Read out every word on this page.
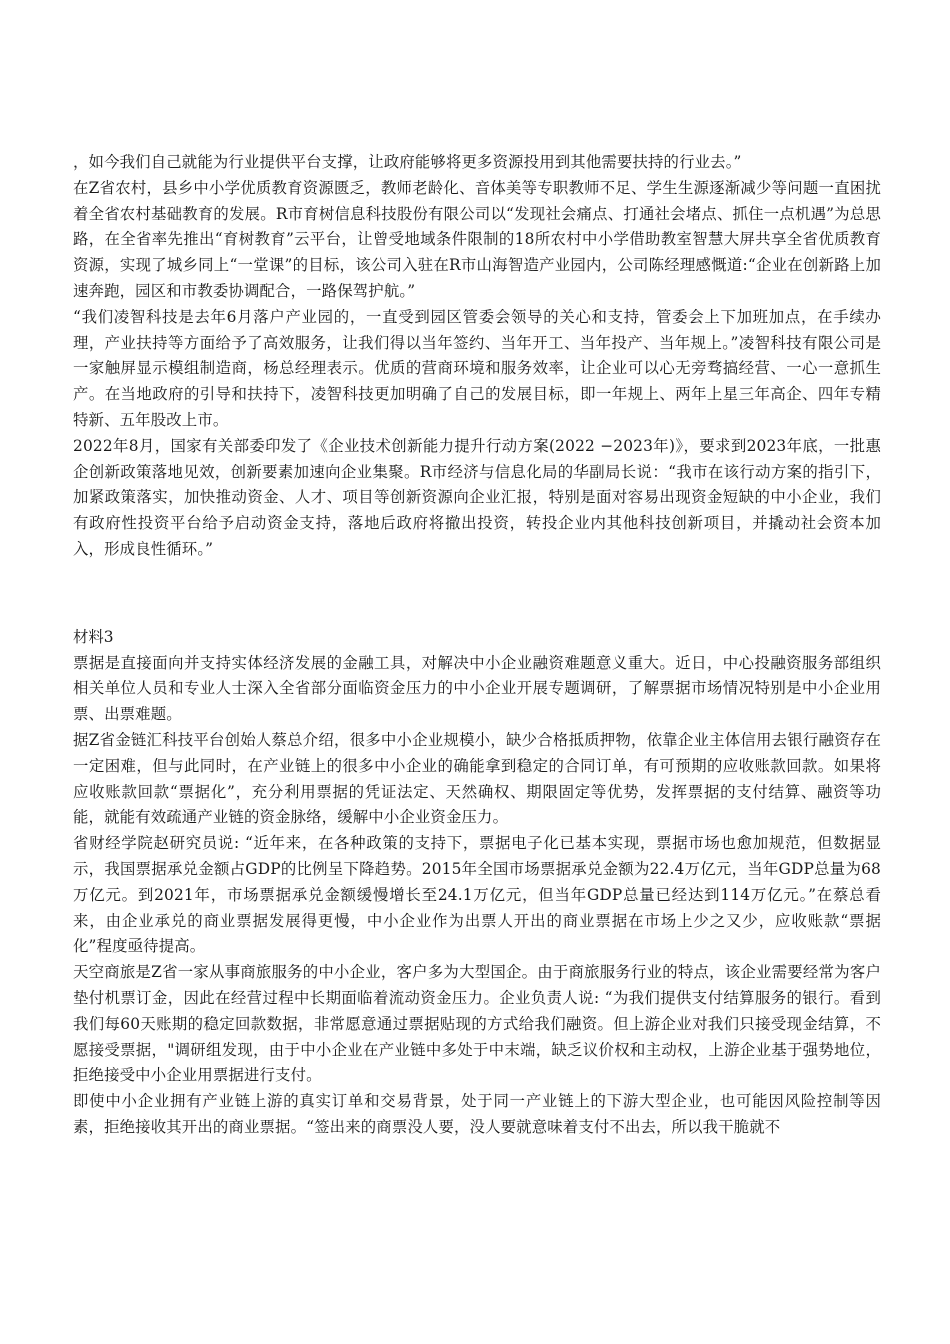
，如今我们自己就能为行业提供平台支撑，让政府能够将更多资源投用到其他需要扶持的行业去。”

在Z省农村，县乡中小学优质教育资源匮乏，教师老龄化、音体美等专职教师不足、学生生源逐渐减少等问题一直困扰着全省农村基础教育的发展。R市育树信息科技股份有限公司以“发现社会痛点、打通社会堵点、抓住一点机遇”为总思路，在全省率先推出“育树教育”云平台，让曾受地域条件限制的18所农村中小学借助教室智慧大屏共享全省优质教育资源，实现了城乡同上“一堂课”的目标，该公司入驻在R市山海智造产业园内，公司陈经理感慨道:“企业在创新路上加速奔跑，园区和市教委协调配合，一路保驾护航。”

“我们凌智科技是去年6月落户产业园的，一直受到园区管委会领导的关心和支持，管委会上下加班加点，在手续办理，产业扶持等方面给予了高效服务，让我们得以当年签约、当年开工、当年投产、当年规上。”凌智科技有限公司是一家触屏显示模组制造商，杨总经理表示。优质的营商环境和服务效率，让企业可以心无旁骛搞经营、一心一意抓生产。在当地政府的引导和扶持下，凌智科技更加明确了自己的发展目标，即一年规上、两年上星三年高企、四年专精特新、五年股改上市。

2022年8月，国家有关部委印发了《企业技术创新能力提升行动方案(2022 −2023年)》，要求到2023年底，一批惠企创新政策落地见效，创新要素加速向企业集聚。R市经济与信息化局的华副局长说：“我市在该行动方案的指引下，加紧政策落实，加快推动资金、人才、项目等创新资源向企业汇报，特别是面对容易出现资金短缺的中小企业，我们有政府性投资平台给予启动资金支持，落地后政府将撤出投资，转投企业内其他科技创新项目，并撬动社会资本加入，形成良性循环。”

材料3

票据是直接面向并支持实体经济发展的金融工具，对解决中小企业融资难题意义重大。近日，中心投融资服务部组织相关单位人员和专业人士深入全省部分面临资金压力的中小企业开展专题调研，了解票据市场情况特别是中小企业用票、出票难题。

据Z省金链汇科技平台创始人蔡总介绍，很多中小企业规模小，缺少合格抵质押物，依靠企业主体信用去银行融资存在一定困难，但与此同时，在产业链上的很多中小企业的确能拿到稳定的合同订单，有可预期的应收账款回款。如果将应收账款回款“票据化”，充分利用票据的凭证法定、天然确权、期限固定等优势，发挥票据的支付结算、融资等功能，就能有效疏通产业链的资金脉络，缓解中小企业资金压力。

省财经学院赵研究员说: “近年来，在各种政策的支持下，票据电子化已基本实现，票据市场也愈加规范，但数据显示，我国票据承兑金额占GDP的比例呈下降趋势。2015年全国市场票据承兑金额为22.4万亿元，当年GDP总量为68万亿元。到2021年，市场票据承兑金额缓慢增长至24.1万亿元，但当年GDP总量已经达到114万亿元。”在蔡总看来，由企业承兑的商业票据发展得更慢，中小企业作为出票人开出的商业票据在市场上少之又少，应收账款“票据化”程度亟待提高。

天空商旅是Z省一家从事商旅服务的中小企业，客户多为大型国企。由于商旅服务行业的特点，该企业需要经常为客户垫付机票订金，因此在经营过程中长期面临着流动资金压力。企业负责人说: “为我们提供支付结算服务的银行。看到我们每60天账期的稳定回款数据，非常愿意通过票据贴现的方式给我们融资。但上游企业对我们只接受现金结算，不愿接受票据，"调研组发现，由于中小企业在产业链中多处于中末端，缺乏议价权和主动权，上游企业基于强势地位，拒绝接受中小企业用票据进行支付。

即使中小企业拥有产业链上游的真实订单和交易背景，处于同一产业链上的下游大型企业，也可能因风险控制等因素，拒绝接收其开出的商业票据。“签出来的商票没人要，没人要就意味着支付不出去，所以我干脆就不
